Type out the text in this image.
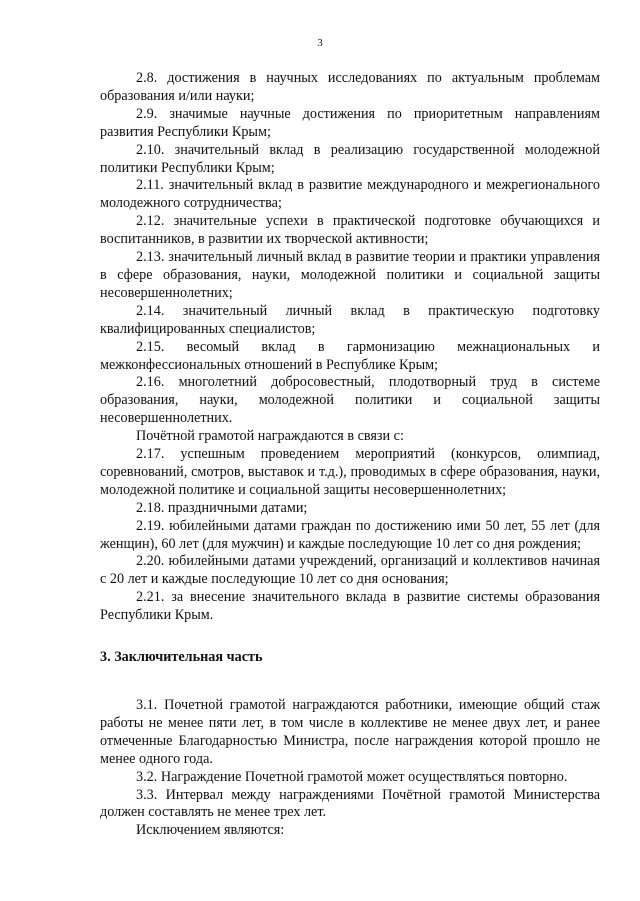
3

2.8. достижения в научных исследованиях по актуальным проблемам образования и/или науки;

2.9. значимые научные достижения по приоритетным направлениям развития Республики Крым;

2.10. значительный вклад в реализацию государственной молодежной политики Республики Крым;

2.11. значительный вклад в развитие международного и межрегионального молодежного сотрудничества;

2.12. значительные успехи в практической подготовке обучающихся и воспитанников, в развитии их творческой активности;

2.13. значительный личный вклад в развитие теории и практики управления в сфере образования, науки, молодежной политики и социальной защиты несовершеннолетних;

2.14. значительный личный вклад в практическую подготовку квалифицированных специалистов;

2.15. весомый вклад в гармонизацию межнациональных и межконфессиональных отношений в Республике Крым;

2.16. многолетний добросовестный, плодотворный труд в системе образования, науки, молодежной политики и социальной защиты несовершеннолетних.

Почётной грамотой награждаются в связи с:

2.17. успешным проведением мероприятий (конкурсов, олимпиад, соревнований, смотров, выставок и т.д.), проводимых в сфере образования, науки, молодежной политике и социальной защиты несовершеннолетних;

2.18. праздничными датами;

2.19. юбилейными датами граждан по достижению ими 50 лет, 55 лет (для женщин), 60 лет (для мужчин) и каждые последующие 10 лет со дня рождения;

2.20. юбилейными датами учреждений, организаций и коллективов начиная с 20 лет и каждые последующие 10 лет со дня основания;

2.21. за внесение значительного вклада в развитие системы образования Республики Крым.

3. Заключительная часть

3.1. Почетной грамотой награждаются работники, имеющие общий стаж работы не менее пяти лет, в том числе в коллективе не менее двух лет, и ранее отмеченные Благодарностью Министра, после награждения которой прошло не менее одного года.

3.2. Награждение Почетной грамотой может осуществляться повторно.

3.3. Интервал между награждениями Почётной грамотой Министерства должен составлять не менее трех лет.

Исключением являются:
